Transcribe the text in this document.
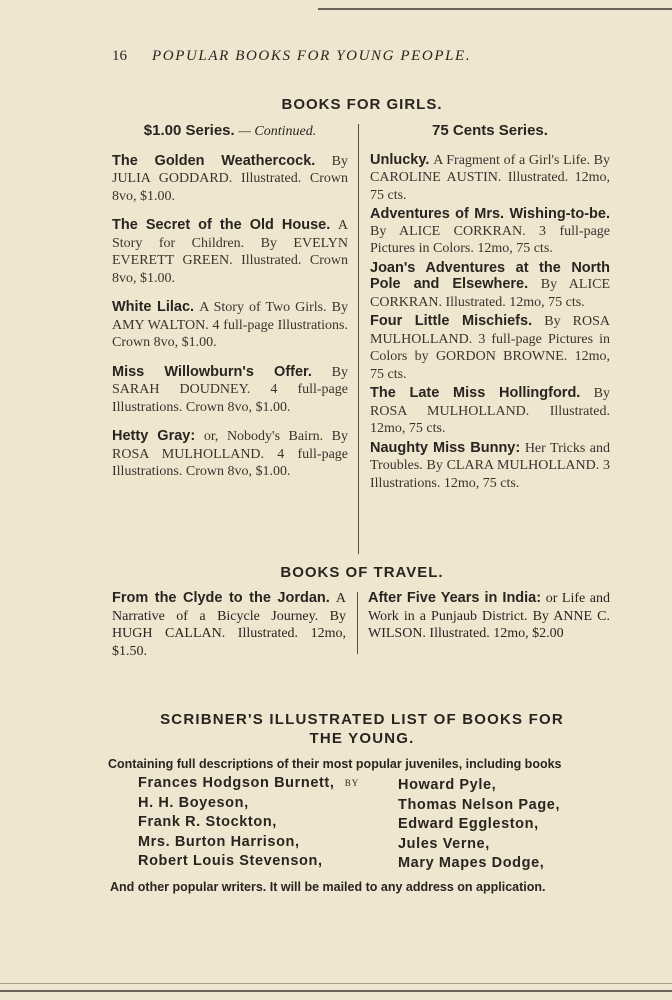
16 POPULAR BOOKS FOR YOUNG PEOPLE.
BOOKS FOR GIRLS.
$1.00 Series. — Continued.
The Golden Weathercock. By JULIA GODDARD. Illustrated. Crown 8vo, $1.00.
The Secret of the Old House. A Story for Children. By EVELYN EVERETT GREEN. Illustrated. Crown 8vo, $1.00.
White Lilac. A Story of Two Girls. By AMY WALTON. 4 full-page Illustrations. Crown 8vo, $1.00.
Miss Willowburn's Offer. By SARAH DOUDNEY. 4 full-page Illustrations. Crown 8vo, $1.00.
Hetty Gray: or, Nobody's Bairn. By ROSA MULHOLLAND. 4 full-page Illustrations. Crown 8vo, $1.00.
75 Cents Series.
Unlucky. A Fragment of a Girl's Life. By CAROLINE AUSTIN. Illustrated. 12mo, 75 cts.
Adventures of Mrs. Wishing-to-be. By ALICE CORKRAN. 3 full-page Pictures in Colors. 12mo, 75 cts.
Joan's Adventures at the North Pole and Elsewhere. By ALICE CORKRAN. Illustrated. 12mo, 75 cts.
Four Little Mischiefs. By ROSA MULHOLLAND. 3 full-page Pictures in Colors by GORDON BROWNE. 12mo, 75 cts.
The Late Miss Hollingford. By ROSA MULHOLLAND. Illustrated. 12mo, 75 cts.
Naughty Miss Bunny: Her Tricks and Troubles. By CLARA MULHOLLAND. 3 Illustrations. 12mo, 75 cts.
BOOKS OF TRAVEL.
From the Clyde to the Jordan. A Narrative of a Bicycle Journey. By HUGH CALLAN. Illustrated. 12mo, $1.50.
After Five Years in India: or Life and Work in a Punjaub District. By ANNE C. WILSON. Illustrated. 12mo, $2.00
SCRIBNER'S ILLUSTRATED LIST OF BOOKS FOR
THE YOUNG.
Containing full descriptions of their most popular juveniles, including books
BY
Frances Hodgson Burnett,
H. H. Boyeson,
Frank R. Stockton,
Mrs. Burton Harrison,
Robert Louis Stevenson,
Howard Pyle,
Thomas Nelson Page,
Edward Eggleston,
Jules Verne,
Mary Mapes Dodge,
And other popular writers. It will be mailed to any address on application.
